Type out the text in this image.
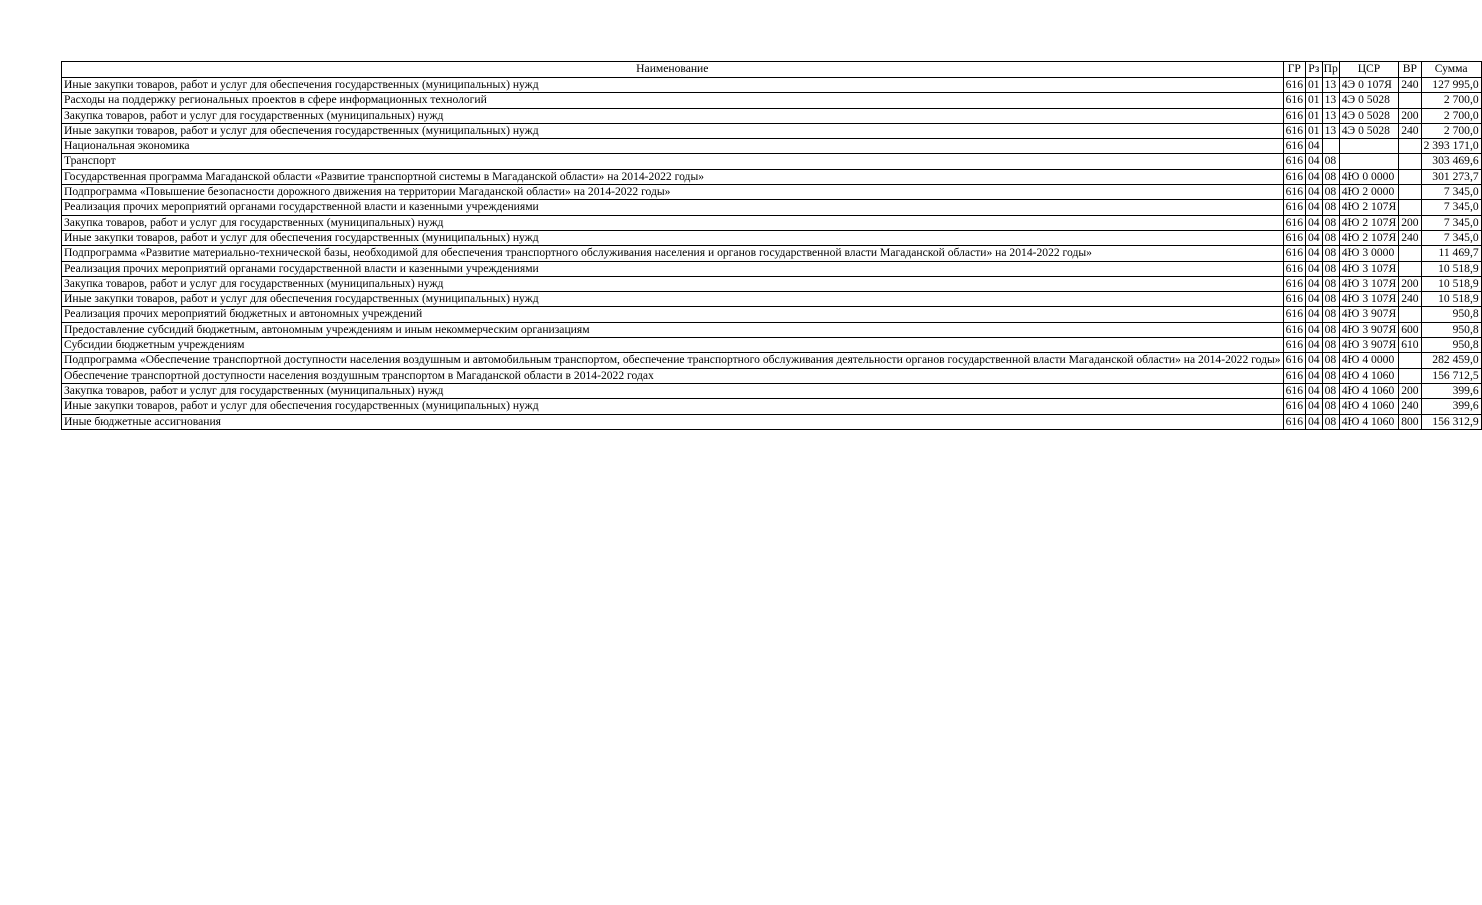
Наименование	ГР	Рз	Пр	ЦСР	ВР	Сумма
Иные закупки товаров, работ и услуг для обеспечения государственных (муниципальных) нужд	616	01	13	4Э 0 107Я	240	127 995,0
Расходы на поддержку региональных проектов в сфере информационных технологий	616	01	13	4Э 0 5028		2 700,0
Закупка товаров, работ и услуг для государственных (муниципальных) нужд	616	01	13	4Э 0 5028	200	2 700,0
Иные закупки товаров, работ и услуг для обеспечения государственных (муниципальных) нужд	616	01	13	4Э 0 5028	240	2 700,0
Национальная экономика	616	04				2 393 171,0
Транспорт	616	04	08			303 469,6
Государственная программа Магаданской области «Развитие транспортной системы в Магаданской области» на 2014-2022 годы»	616	04	08	4Ю 0 0000		301 273,7
Подпрограмма «Повышение безопасности дорожного движения на территории Магаданской области» на 2014-2022 годы»	616	04	08	4Ю 2 0000		7 345,0
Реализация прочих мероприятий органами государственной власти и казенными учреждениями	616	04	08	4Ю 2 107Я		7 345,0
Закупка товаров, работ и услуг для государственных (муниципальных) нужд	616	04	08	4Ю 2 107Я	200	7 345,0
Иные закупки товаров, работ и услуг для обеспечения государственных (муниципальных) нужд	616	04	08	4Ю 2 107Я	240	7 345,0
Подпрограмма «Развитие материально-технической базы, необходимой для обеспечения транспортного обслуживания населения и органов государственной власти Магаданской области» на 2014-2022 годы»	616	04	08	4Ю 3 0000		11 469,7
Реализация прочих мероприятий органами государственной власти и казенными учреждениями	616	04	08	4Ю 3 107Я		10 518,9
Закупка товаров, работ и услуг для государственных (муниципальных) нужд	616	04	08	4Ю 3 107Я	200	10 518,9
Иные закупки товаров, работ и услуг для обеспечения государственных (муниципальных) нужд	616	04	08	4Ю 3 107Я	240	10 518,9
Реализация прочих мероприятий бюджетных и автономных учреждений	616	04	08	4Ю 3 907Я		950,8
Предоставление субсидий бюджетным, автономным учреждениям и иным некоммерческим организациям	616	04	08	4Ю 3 907Я	600	950,8
Субсидии бюджетным учреждениям	616	04	08	4Ю 3 907Я	610	950,8
Подпрограмма «Обеспечение транспортной доступности населения воздушным и автомобильным транспортом, обеспечение транспортного обслуживания деятельности органов государственной власти Магаданской области» на 2014-2022 годы»	616	04	08	4Ю 4 0000		282 459,0
Обеспечение транспортной доступности населения воздушным транспортом в Магаданской области в 2014-2022 годах	616	04	08	4Ю 4 1060		156 712,5
Закупка товаров, работ и услуг для государственных (муниципальных) нужд	616	04	08	4Ю 4 1060	200	399,6
Иные закупки товаров, работ и услуг для обеспечения государственных (муниципальных) нужд	616	04	08	4Ю 4 1060	240	399,6
Иные бюджетные ассигнования	616	04	08	4Ю 4 1060	800	156 312,9
